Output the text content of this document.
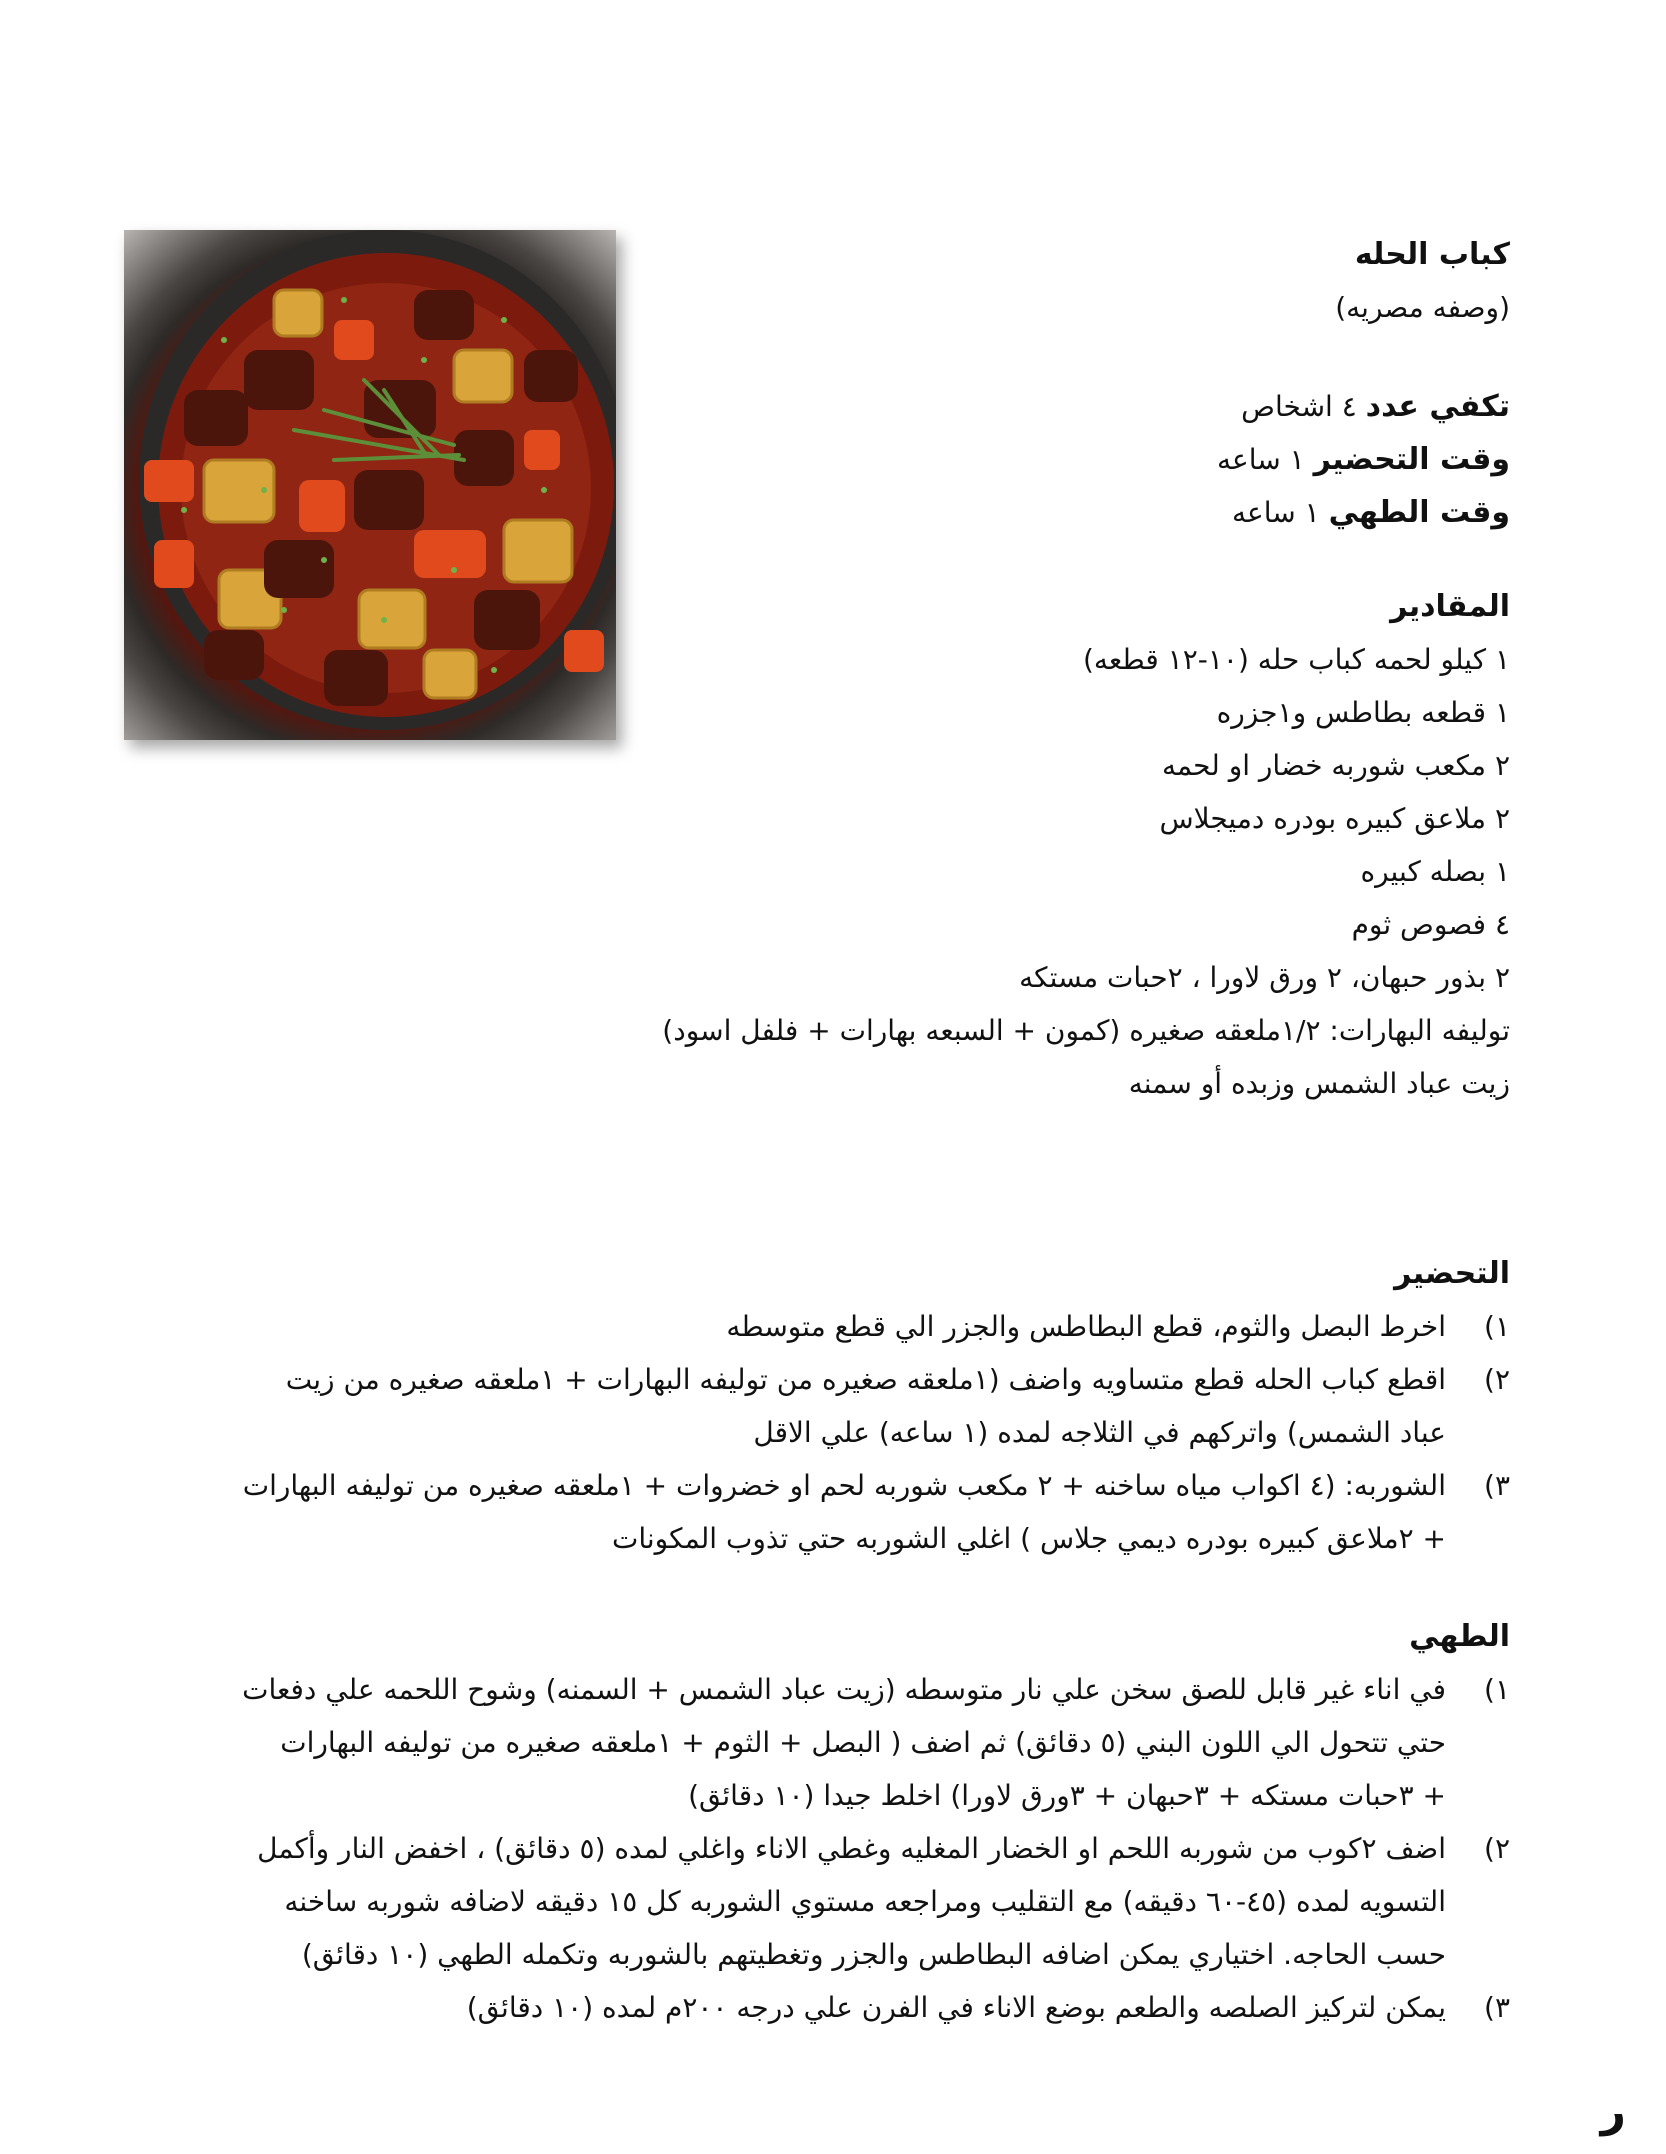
كباب الحله
(وصفه مصريه)
تكفي عدد ٤ اشخاص
وقت التحضير ١ ساعه
وقت الطهي ١ ساعه
المقادير
١ كيلو لحمه كباب حله (١٠-١٢ قطعه)
١ قطعه بطاطس و١جزره
٢ مكعب شوربه خضار او لحمه
٢ ملاعق كبيره بودره دميجلاس
١ بصله كبيره
٤ فصوص ثوم
٢ بذور حبهان، ٢ ورق لاورا ، ٢حبات مستكه
توليفه البهارات: ١/٢ملعقه صغيره (كمون + السبعه بهارات + فلفل اسود)
زيت عباد الشمس وزبده أو سمنه
التحضير
١)
اخرط البصل والثوم، قطع البطاطس والجزر الي قطع متوسطه
٢)
اقطع كباب الحله قطع متساويه واضف (١ملعقه صغيره من توليفه البهارات + ١ملعقه صغيره من زيت
عباد الشمس) واتركهم في الثلاجه لمده (١ ساعه) علي الاقل
٣)
الشوربه: (٤ اكواب مياه ساخنه + ٢ مكعب شوربه لحم او خضروات + ١ملعقه صغيره من توليفه البهارات
+ ٢ملاعق كبيره بودره ديمي جلاس ) اغلي الشوربه حتي تذوب المكونات
الطهي
١)
في اناء غير قابل للصق سخن علي نار متوسطه (زيت عباد الشمس + السمنه) وشوح اللحمه علي دفعات
حتي تتحول الي اللون البني (٥ دقائق) ثم اضف ( البصل + الثوم + ١ملعقه صغيره من توليفه البهارات
+ ٣حبات مستكه + ٣حبهان + ٣ورق لاورا) اخلط جيدا (١٠ دقائق)
٢)
اضف ٢كوب من شوربه اللحم او الخضار المغليه وغطي الاناء واغلي لمده (٥ دقائق) ، اخفض النار وأكمل
التسويه لمده (٤٥-٦٠ دقيقه) مع التقليب ومراجعه مستوي الشوربه كل ١٥ دقيقه لاضافه شوربه ساخنه
حسب الحاجه. اختياري يمكن اضافه البطاطس والجزر وتغطيتهم بالشوربه وتكمله الطهي (١٠ دقائق)
٣)
يمكن لتركيز الصلصه والطعم بوضع الاناء في الفرن علي درجه ٢٠٠م لمده (١٠ دقائق)
ر
